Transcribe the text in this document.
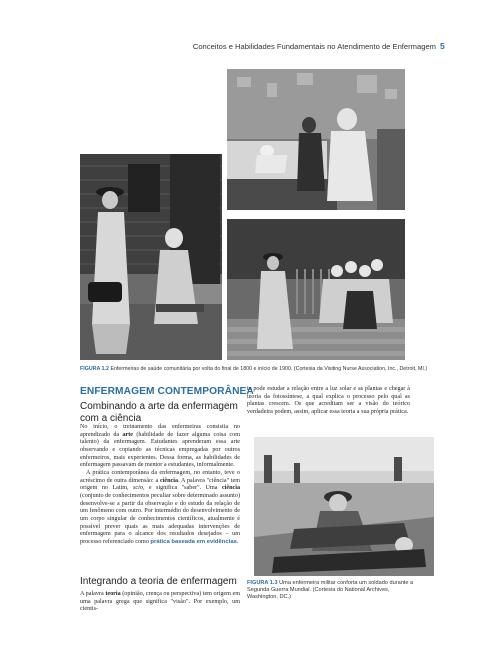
Conceitos e Habilidades Fundamentais no Atendimento de Enfermagem 5
FIGURA 1.2 Enfermeiras de saúde comunitária por volta do final de 1800 e início de 1900. (Cortesia da Visiting Nurse Association, Inc., Detroit, MI.)
ENFERMAGEM CONTEMPORÂNEA
Combinando a arte da enfermagem com a ciência

No início, o treinamento das enfermeiras consistia no aprendizado da arte (habilidade de fazer alguma coisa com talento) da enfermagem. Estudantes aprenderam essa arte observando e copiando as técnicas empregadas por outros enfermeiros, mais experientes. Dessa forma, as habilidades de enfermagem passavam de mentor a estudantes, informalmente.

A prática contemporânea da enfermagem, no entanto, teve o acréscimo de outra dimensão: a ciência. A palavra "ciência" tem origem no Latim, scio, e significa "saber". Uma ciência (conjunto de conhecimentos peculiar sobre determinado assunto) desenvolve-se a partir da observação e do estudo da relação de um fenômeno com outro. Por intermédio do desenvolvimento de um corpo singular de conhecimentos científicos, atualmente é possível prever quais as mais adequadas intervenções de enfermagem para o alcance dos resultados desejados – um processo referenciado como prática baseada em evidências.

Integrando a teoria de enfermagem

A palavra teoria (opinião, crença ou perspectiva) tem origem em uma palavra grega que significa "visão". Por exemplo, um cientis-

ta pode estudar a relação entre a luz solar e as plantas e chegar à teoria da fotossíntese, a qual explica o processo pelo qual as plantas crescem. Os que acreditam ser a visão do teórico verdadeira podem, assim, aplicar essa teoria a sua própria prática.

FIGURA 1.3 Uma enfermeira militar conforta um soldado durante a Segunda Guerra Mundial. (Cortesia do National Archives, Washington, DC.)
